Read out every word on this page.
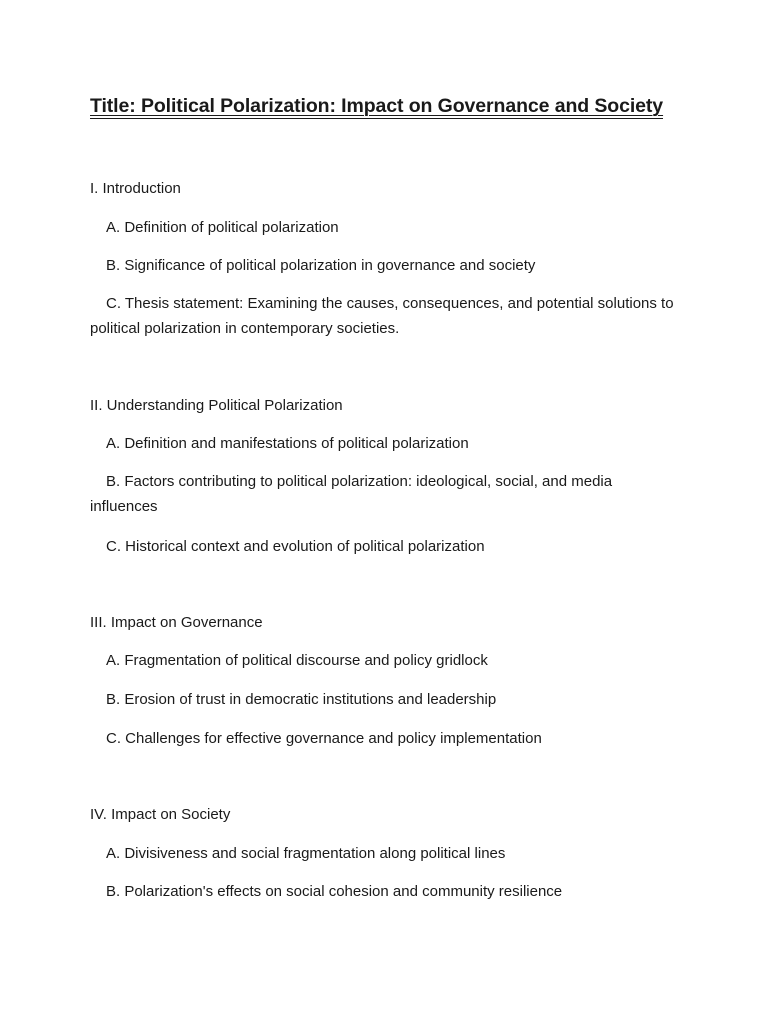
Title: Political Polarization: Impact on Governance and Society
I. Introduction
A. Definition of political polarization
B. Significance of political polarization in governance and society
C. Thesis statement: Examining the causes, consequences, and potential solutions to political polarization in contemporary societies.
II. Understanding Political Polarization
A. Definition and manifestations of political polarization
B. Factors contributing to political polarization: ideological, social, and media influences
C. Historical context and evolution of political polarization
III. Impact on Governance
A. Fragmentation of political discourse and policy gridlock
B. Erosion of trust in democratic institutions and leadership
C. Challenges for effective governance and policy implementation
IV. Impact on Society
A. Divisiveness and social fragmentation along political lines
B. Polarization's effects on social cohesion and community resilience
